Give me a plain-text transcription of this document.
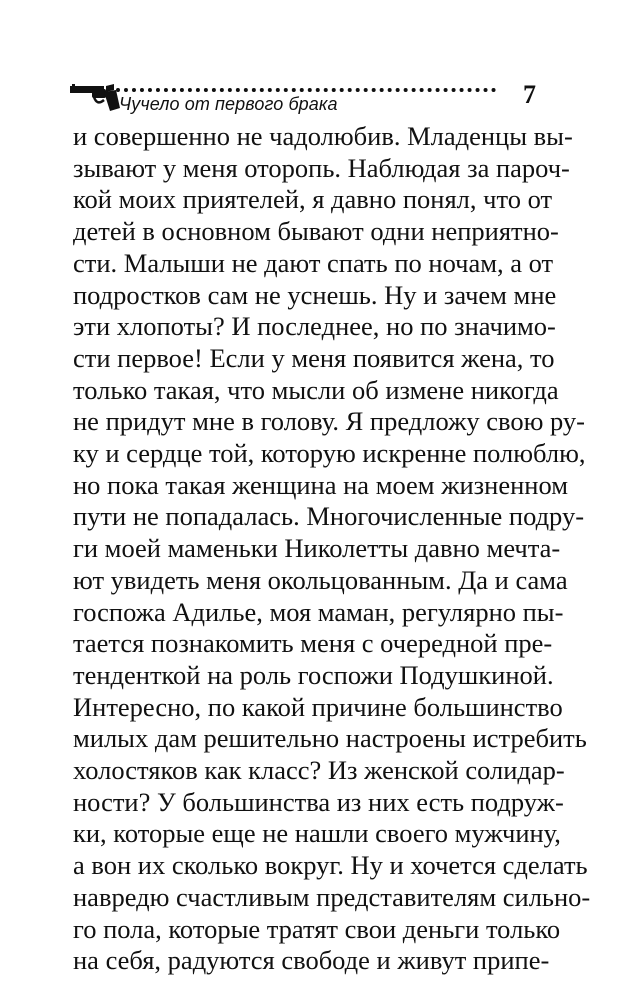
Чучело от первого брака	7
и совершенно не чадолюбив. Младенцы вы-
зывают у меня оторопь. Наблюдая за пароч-
кой моих приятелей, я давно понял, что от
детей в основном бывают одни неприятно-
сти. Малыши не дают спать по ночам, а от
подростков сам не уснешь. Ну и зачем мне
эти хлопоты? И последнее, но по значимо-
сти первое! Если у меня появится жена, то
только такая, что мысли об измене никогда
не придут мне в голову. Я предложу свою ру-
ку и сердце той, которую искренне полюблю,
но пока такая женщина на моем жизненном
пути не попадалась. Многочисленные подру-
ги моей маменьки Николетты давно мечта-
ют увидеть меня окольцованным. Да и сама
госпожа Адилье, моя маман, регулярно пы-
тается познакомить меня с очередной пре-
тенденткой на роль госпожи Подушкиной.
Интересно, по какой причине большинство
милых дам решительно настроены истребить
холостяков как класс? Из женской солидар-
ности? У большинства из них есть подруж-
ки, которые еще не нашли своего мужчину,
а вон их сколько вокруг. Ну и хочется сделать
навредю счастливым представителям сильно-
го пола, которые тратят свои деньги только
на себя, радуются свободе и живут припе-
